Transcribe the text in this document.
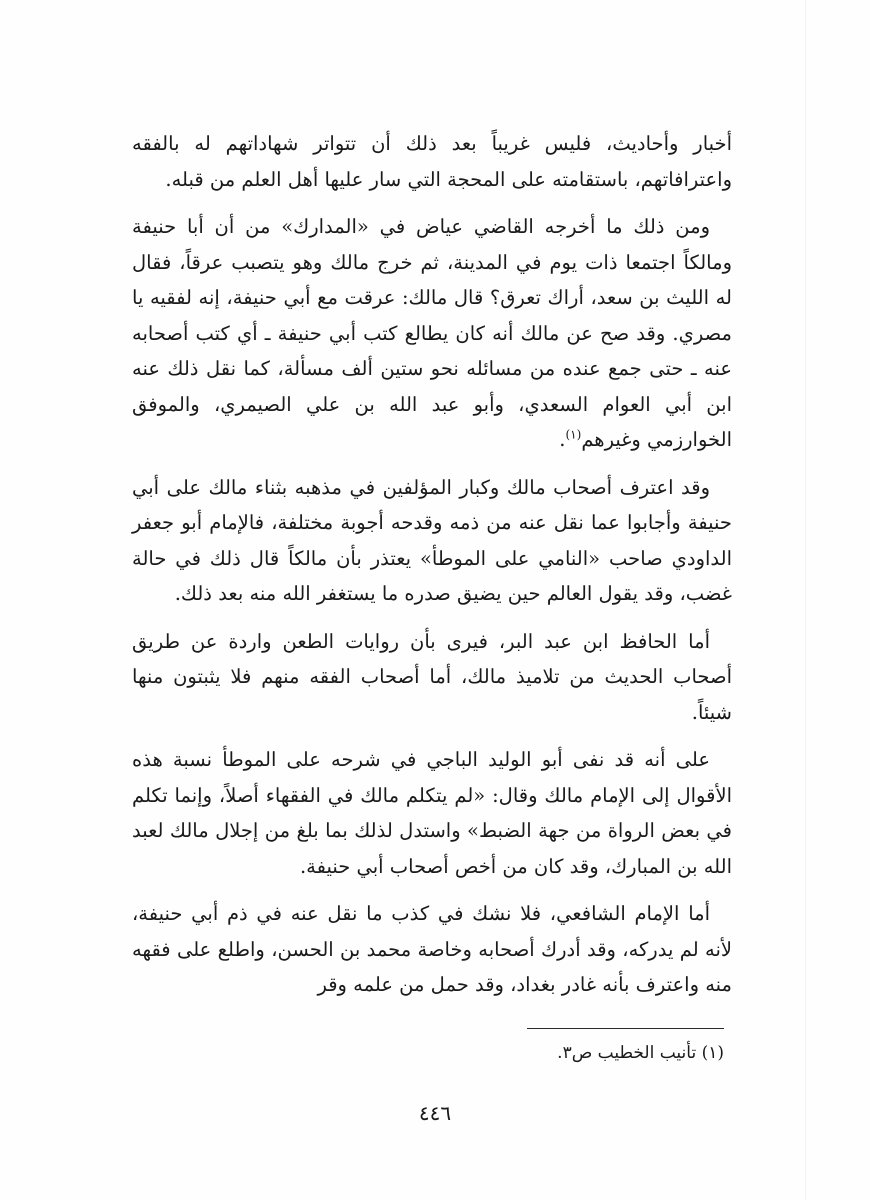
أخبار وأحاديث، فليس غريباً بعد ذلك أن تتواتر شهاداتهم له بالفقه واعترافاتهم، باستقامته على المحجة التي سار عليها أهل العلم من قبله.

ومن ذلك ما أخرجه القاضي عياض في «المدارك» من أن أبا حنيفة ومالكاً اجتمعا ذات يوم في المدينة، ثم خرج مالك وهو يتصبب عرقاً، فقال له الليث بن سعد، أراك تعرق؟ قال مالك: عرقت مع أبي حنيفة، إنه لفقيه يا مصري. وقد صح عن مالك أنه كان يطالع كتب أبي حنيفة ـ أي كتب أصحابه عنه ـ حتى جمع عنده من مسائله نحو ستين ألف مسألة، كما نقل ذلك عنه ابن أبي العوام السعدي، وأبو عبد الله بن علي الصيمري، والموفق الخوارزمي وغيرهم$^{(١)}$.

وقد اعترف أصحاب مالك وكبار المؤلفين في مذهبه بثناء مالك على أبي حنيفة وأجابوا عما نقل عنه من ذمه وقدحه أجوبة مختلفة، فالإمام أبو جعفر الداودي صاحب «النامي على الموطأ» يعتذر بأن مالكاً قال ذلك في حالة غضب، وقد يقول العالم حين يضيق صدره ما يستغفر الله منه بعد ذلك.

أما الحافظ ابن عبد البر، فيرى بأن روايات الطعن واردة عن طريق أصحاب الحديث من تلاميذ مالك، أما أصحاب الفقه منهم فلا يثبتون منها شيئاً.

على أنه قد نفى أبو الوليد الباجي في شرحه على الموطأ نسبة هذه الأقوال إلى الإمام مالك وقال: «لم يتكلم مالك في الفقهاء أصلاً، وإنما تكلم في بعض الرواة من جهة الضبط» واستدل لذلك بما بلغ من إجلال مالك لعبد الله بن المبارك، وقد كان من أخص أصحاب أبي حنيفة.

أما الإمام الشافعي، فلا نشك في كذب ما نقل عنه في ذم أبي حنيفة، لأنه لم يدركه، وقد أدرك أصحابه وخاصة محمد بن الحسن، واطلع على فقهه منه واعترف بأنه غادر بغداد، وقد حمل من علمه وقر

(١) تأنيب الخطيب ص٣.
٤٤٦
